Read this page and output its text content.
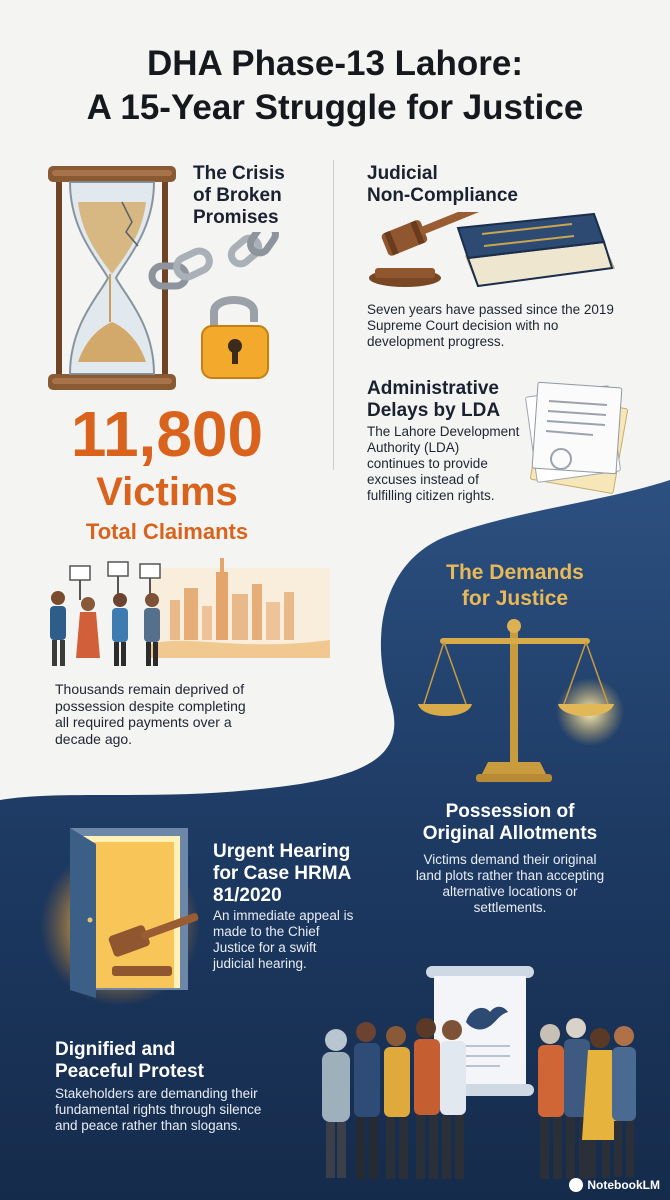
DHA Phase-13 Lahore:
A 15-Year Struggle for Justice
The Crisis
of Broken
Promises
Judicial
Non-Compliance
Seven years have passed since the 2019
Supreme Court decision with no
development progress.
Administrative
Delays by LDA
The Lahore Development
Authority (LDA)
continues to provide
excuses instead of
fulfilling citizen rights.
11,800
Victims
Total Claimants
Thousands remain deprived of
possession despite completing
all required payments over a
decade ago.
The Demands
for Justice
Possession of
Original Allotments
Victims demand their original
land plots rather than accepting
alternative locations or
settlements.
Urgent Hearing
for Case HRMA
81/2020
An immediate appeal is
made to the Chief
Justice for a swift
judicial hearing.
Dignified and
Peaceful Protest
Stakeholders are demanding their
fundamental rights through silence
and peace rather than slogans.
NotebookLM
